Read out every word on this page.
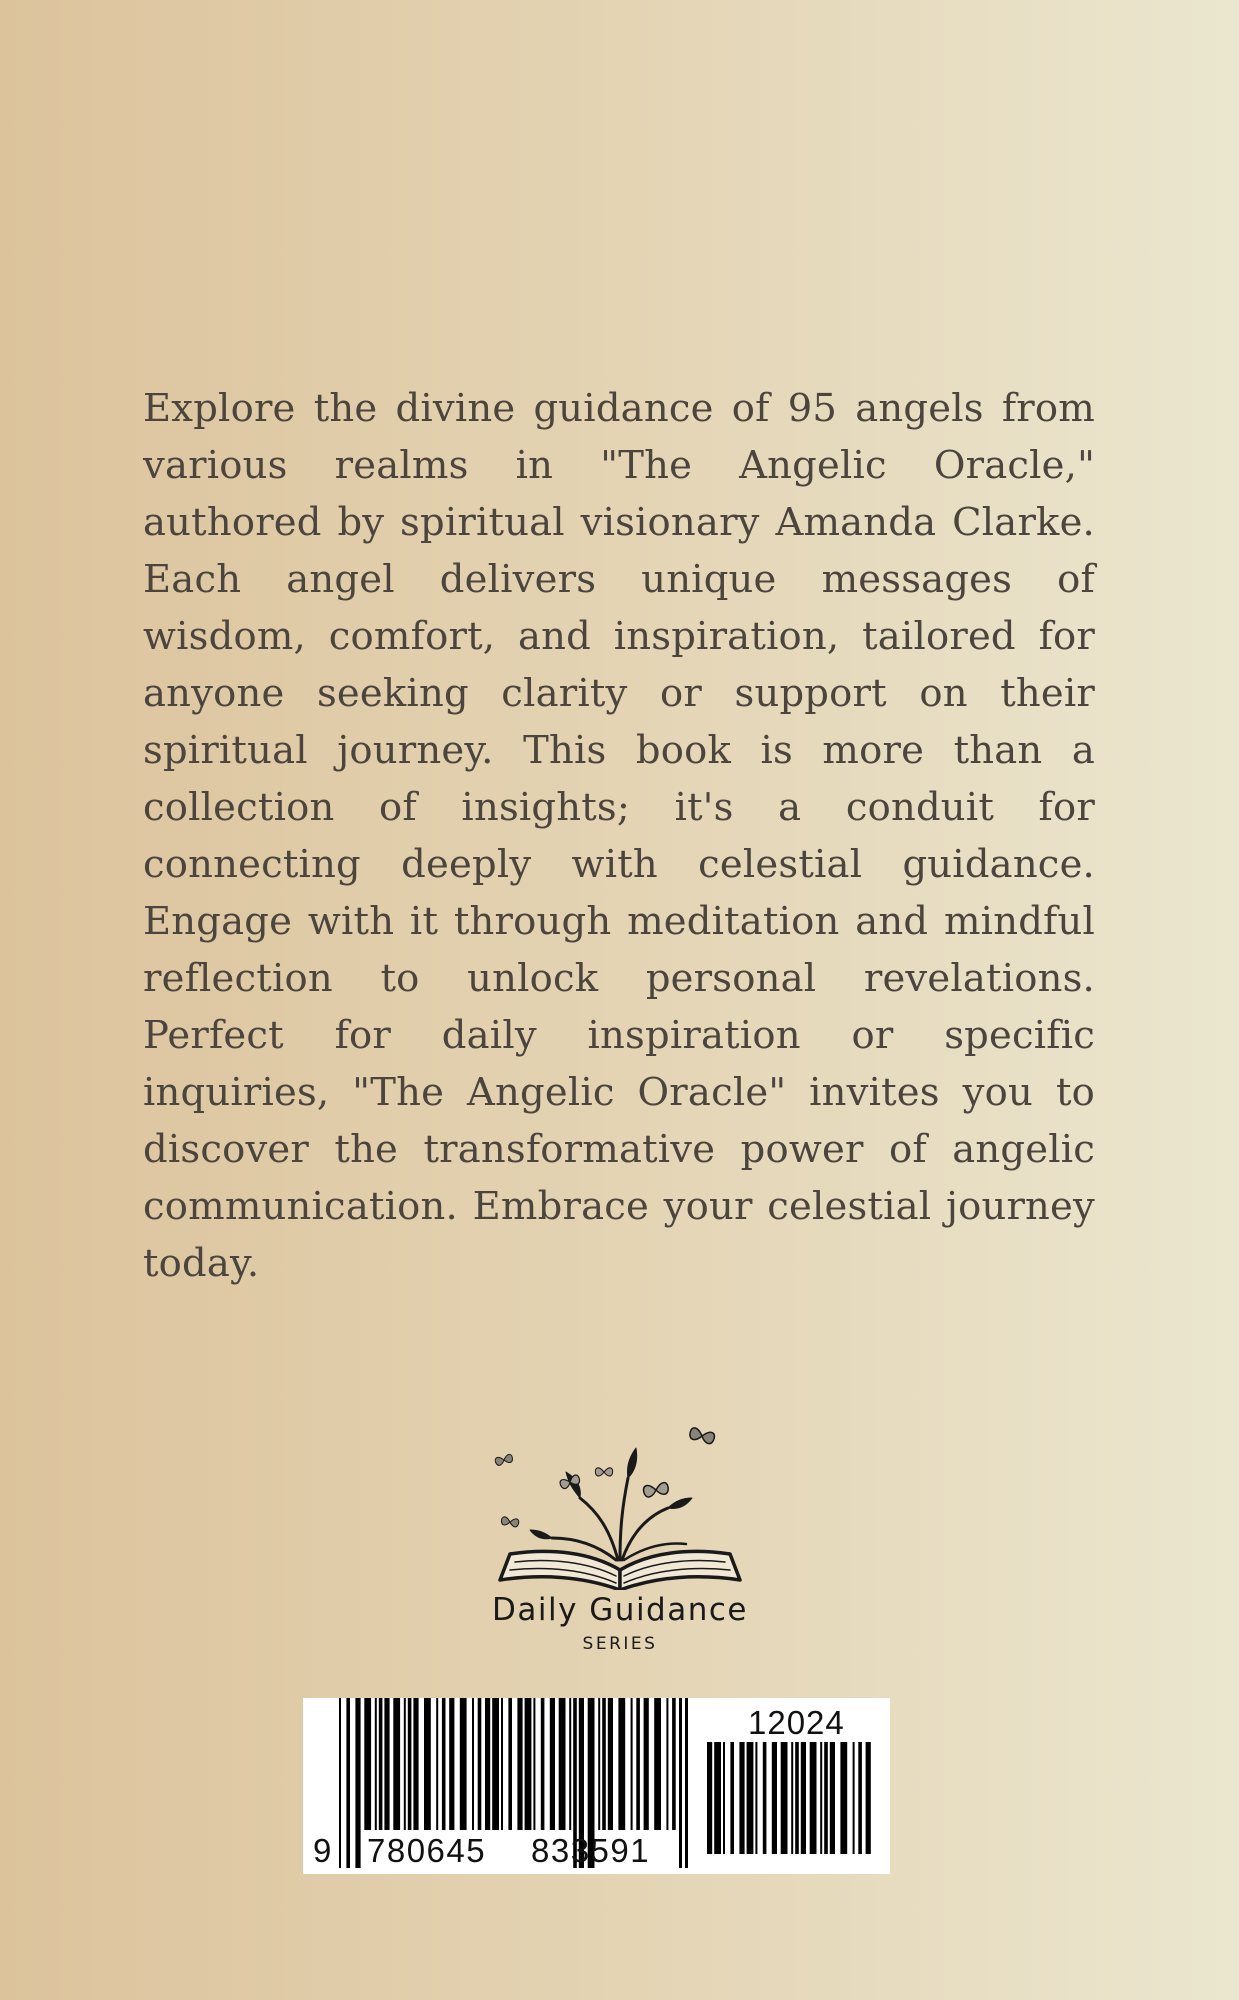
Explore the divine guidance of 95 angels from various realms in "The Angelic Oracle," authored by spiritual visionary Amanda Clarke. Each angel delivers unique messages of wisdom, comfort, and inspiration, tailored for anyone seeking clarity or support on their spiritual journey. This book is more than a collection of insights; it's a conduit for connecting deeply with celestial guidance. Engage with it through meditation and mindful reflection to unlock personal revelations. Perfect for daily inspiration or specific inquiries, "The Angelic Oracle" invites you to discover the transformative power of angelic communication. Embrace your celestial journey today.

Daily Guidance
SERIES
9 780645 833591
12024
